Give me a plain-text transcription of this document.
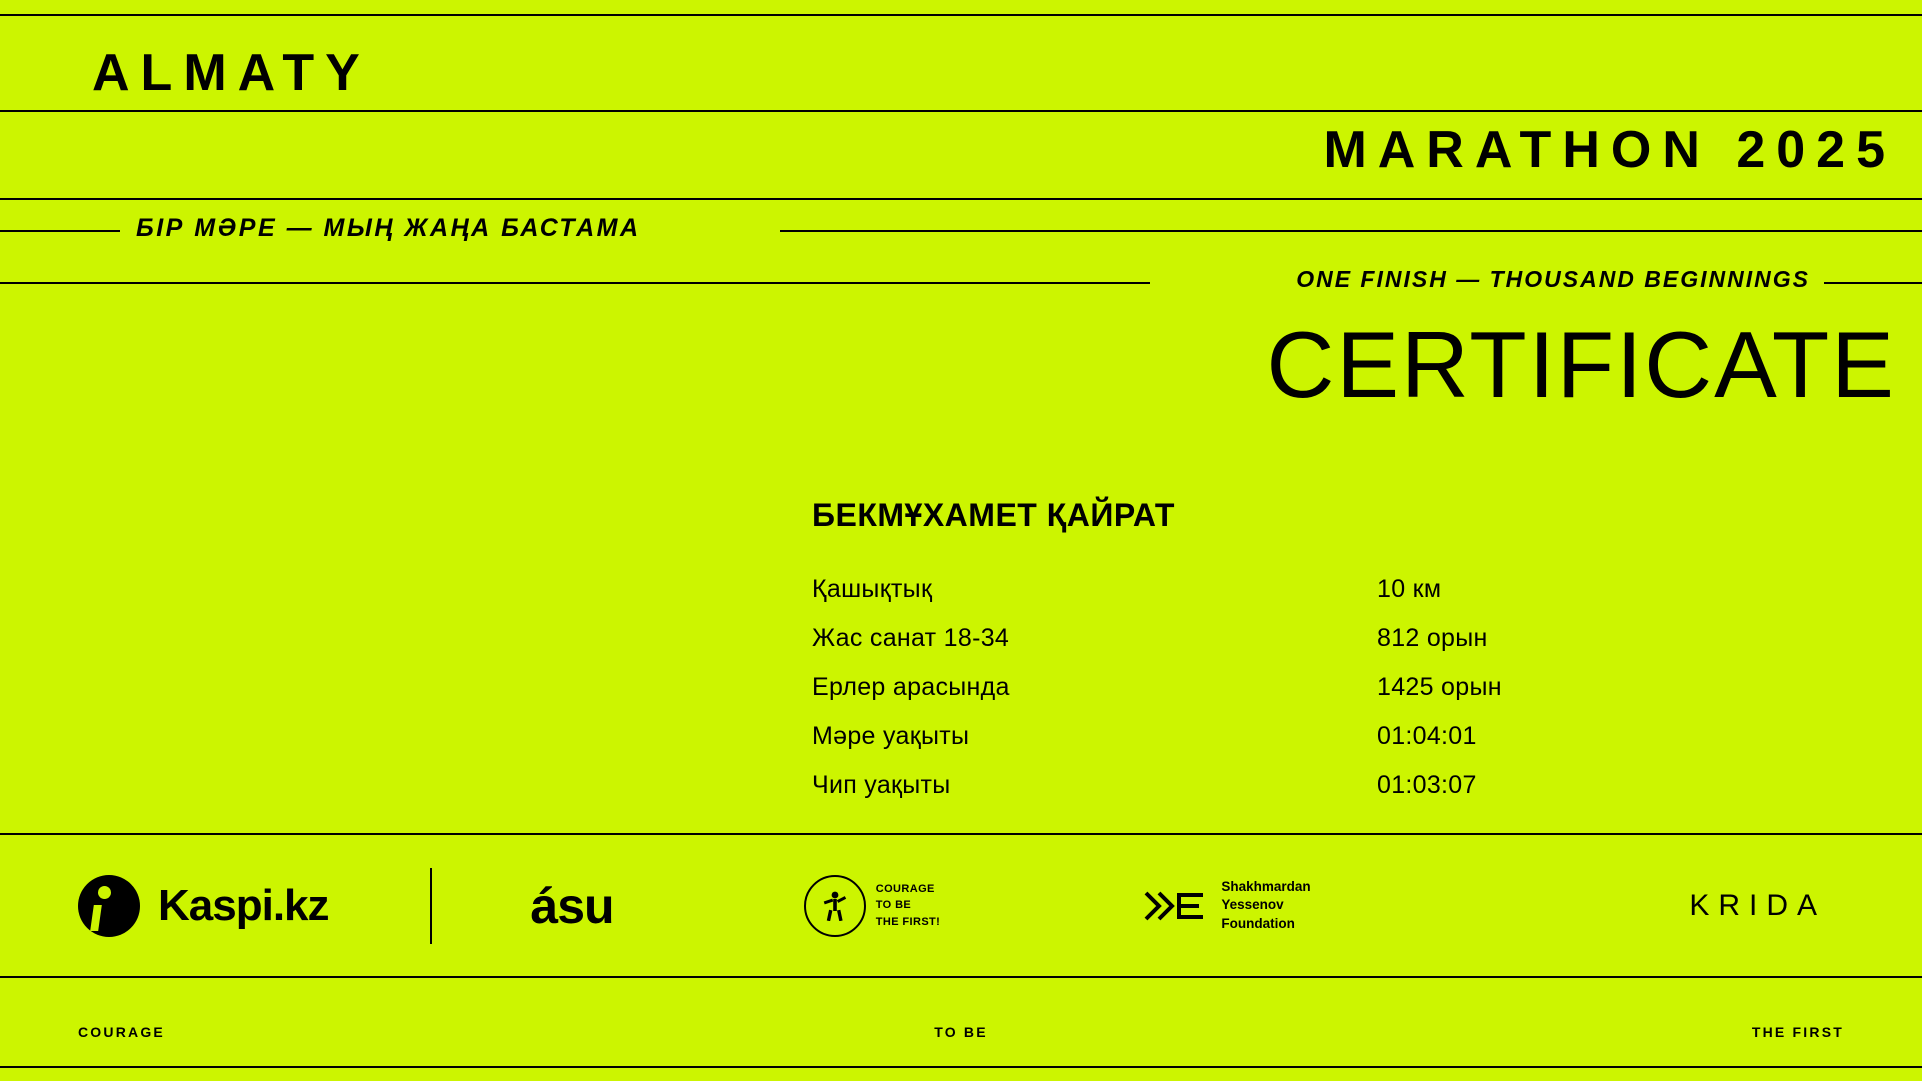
ALMATY
MARATHON 2025
БІР МӘРЕ — МЫҢ ЖАҢА БАСТАМА
ONE FINISH — THOUSAND BEGINNINGS
CERTIFICATE
БЕКМҰХАМЕТ ҚАЙРАТ
Қашықтық	10 км
Жас санат 18-34	812 орын
Ерлер арасында	1425 орын
Мәре уақыты	01:04:01
Чип уақыты	01:03:07
Kaspi.kz	ásu	COURAGE
TO BE
THE FIRST!
Shakhmardan
Yessenov
Foundation
KRIDA
COURAGE	TO BE	THE FIRST
